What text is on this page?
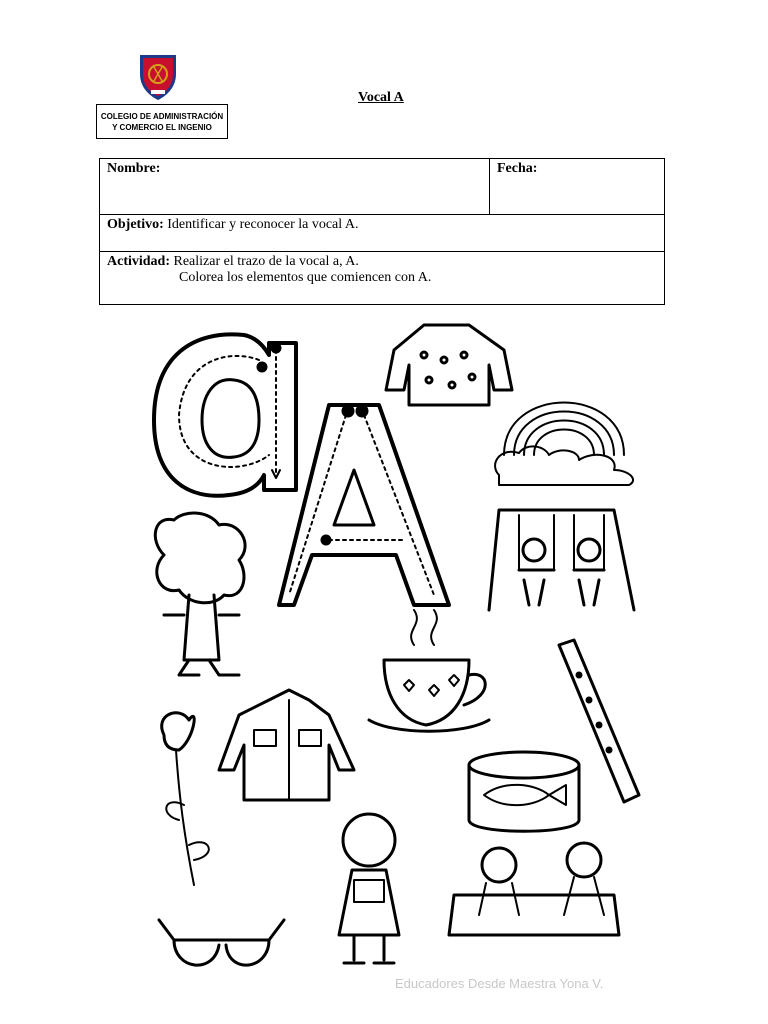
COLEGIO DE ADMINISTRACIÓN
Y COMERCIO EL INGENIO
Vocal A
Nombre:	Fecha:
Objetivo: Identificar y reconocer la vocal A.
Actividad: Realizar el trazo de la vocal a, A.
Colorea los elementos que comiencen con A.
Educadores Desde Maestra Yona V.
